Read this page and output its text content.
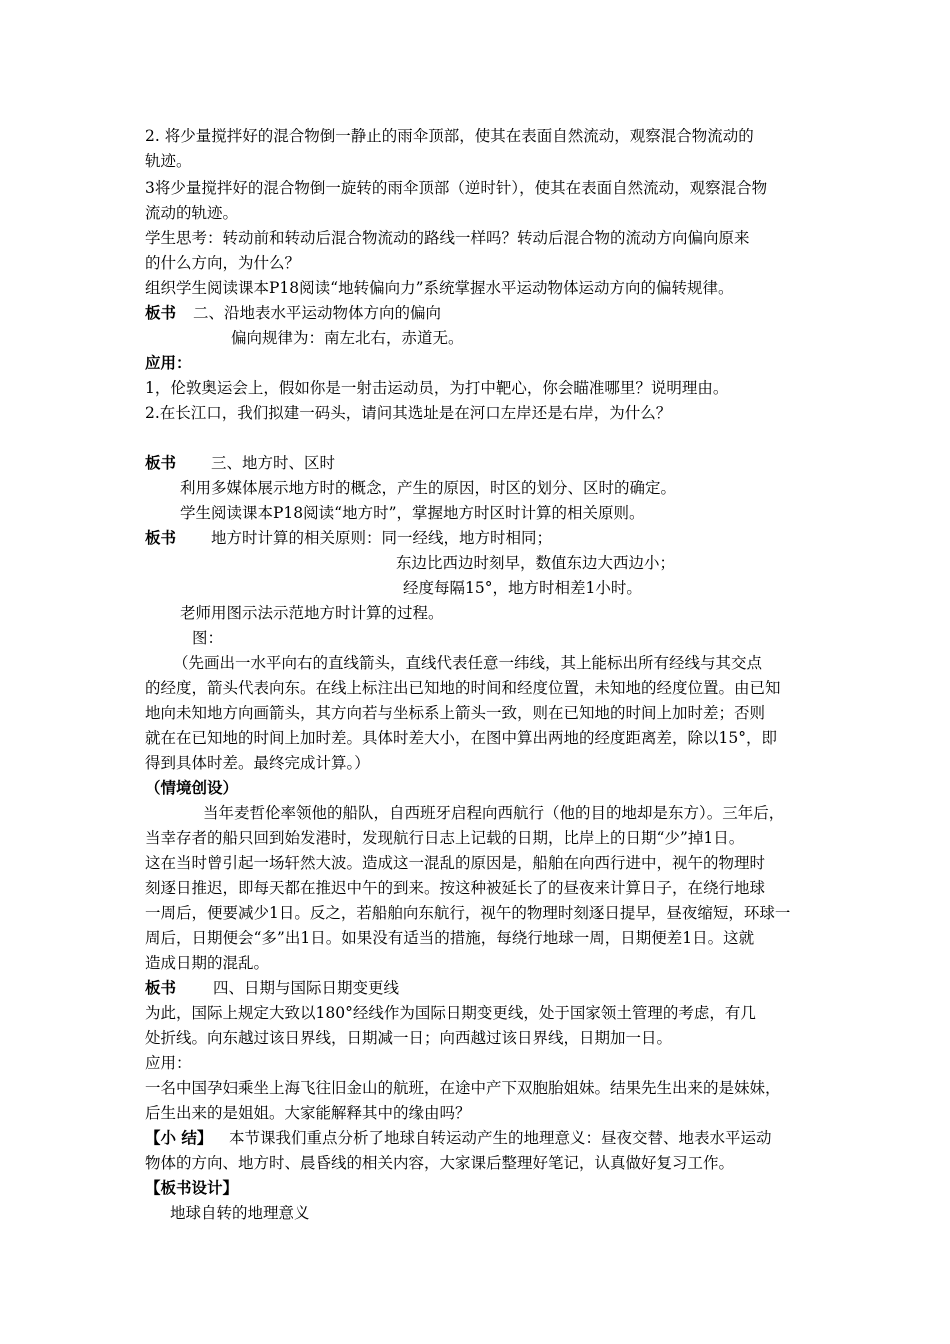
2. 将少量搅拌好的混合物倒一静止的雨伞顶部，使其在表面自然流动，观察混合物流动的
轨迹。
3将少量搅拌好的混合物倒一旋转的雨伞顶部（逆时针），使其在表面自然流动，观察混合物
流动的轨迹。
学生思考：转动前和转动后混合物流动的路线一样吗？转动后混合物的流动方向偏向原来
的什么方向，为什么？
组织学生阅读课本P18阅读“地转偏向力”系统掌握水平运动物体运动方向的偏转规律。
板书 二、沿地表水平运动物体方向的偏向
偏向规律为：南左北右，赤道无。
应用：
1，伦敦奥运会上，假如你是一射击运动员，为打中靶心，你会瞄准哪里？说明理由。
2.在长江口，我们拟建一码头，请问其选址是在河口左岸还是右岸，为什么？
板书 三、地方时、区时
利用多媒体展示地方时的概念，产生的原因，时区的划分、区时的确定。
学生阅读课本P18阅读“地方时”，掌握地方时区时计算的相关原则。
板书 地方时计算的相关原则：同一经线，地方时相同；
东边比西边时刻早，数值东边大西边小；
经度每隔15°，地方时相差1小时。
老师用图示法示范地方时计算的过程。
图：
（先画出一水平向右的直线箭头，直线代表任意一纬线，其上能标出所有经线与其交点
的经度，箭头代表向东。在线上标注出已知地的时间和经度位置，未知地的经度位置。由已知
地向未知地方向画箭头，其方向若与坐标系上箭头一致，则在已知地的时间上加时差；否则
就在在已知地的时间上加时差。具体时差大小，在图中算出两地的经度距离差，除以15°，即
得到具体时差。最终完成计算。）
（情境创设）
当年麦哲伦率领他的船队，自西班牙启程向西航行（他的目的地却是东方）。三年后，
当幸存者的船只回到始发港时，发现航行日志上记载的日期，比岸上的日期“少”掉1日。
这在当时曾引起一场轩然大波。造成这一混乱的原因是，船舶在向西行进中，视午的物理时
刻逐日推迟，即每天都在推迟中午的到来。按这种被延长了的昼夜来计算日子，在绕行地球
一周后，便要减少1日。反之，若船舶向东航行，视午的物理时刻逐日提早，昼夜缩短，环球一
周后，日期便会“多”出1日。如果没有适当的措施，每绕行地球一周，日期便差1日。这就
造成日期的混乱。
板书 四、日期与国际日期变更线
为此，国际上规定大致以180°经线作为国际日期变更线，处于国家领土管理的考虑，有几
处折线。向东越过该日界线，日期减一日；向西越过该日界线，日期加一日。
应用：
一名中国孕妇乘坐上海飞往旧金山的航班，在途中产下双胞胎姐妹。结果先生出来的是妹妹，
后生出来的是姐姐。大家能解释其中的缘由吗？
【小 结】 本节课我们重点分析了地球自转运动产生的地理意义：昼夜交替、地表水平运动
物体的方向、地方时、晨昏线的相关内容，大家课后整理好笔记，认真做好复习工作。
【板书设计】
地球自转的地理意义
